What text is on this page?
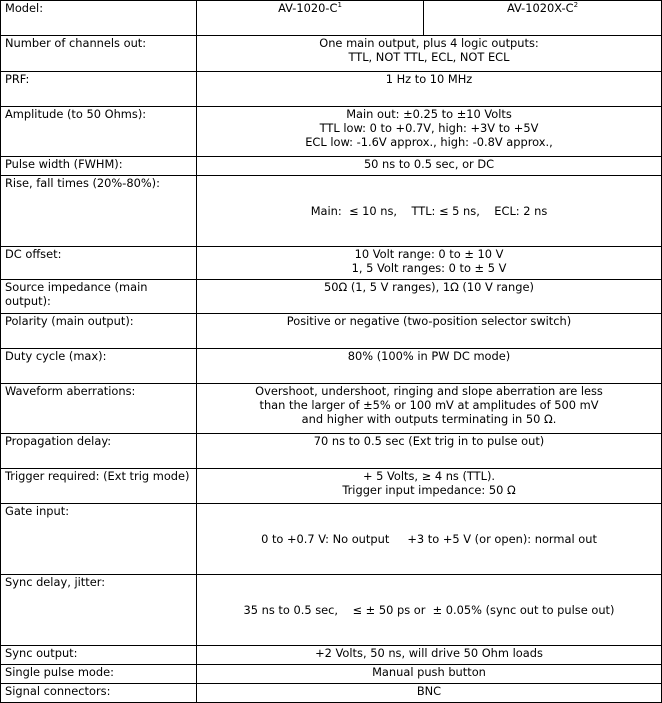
Model:	$AV-1020-C^1$	$AV-1020X-C^2$
Number of channels out:	One main output, plus 4 logic outputs:
TTL, NOT TTL, ECL, NOT ECL	

PRF:	1 Hz to 10 MHz	

Amplitude (to 50 Ohms):	Main out: ±0.25 to ±10 Volts
TTL low: 0 to +0.7V, high: +3V to +5V
ECL low: -1.6V approx., high: -0.8V approx.,	

Pulse width (FWHM):	50 ns to 0.5 sec, or DC	

Rise, fall times (20%-80%):	Main:  ≤ 10 ns,    TTL: ≤ 5 ns,    ECL: 2 ns	

DC offset:	10 Volt range: 0 to ± 10 V
1, 5 Volt ranges: 0 to ± 5 V	

Source impedance (main output):	50Ω (1, 5 V ranges), 1Ω (10 V range)	

Polarity (main output):	Positive or negative (two-position selector switch)	

Duty cycle (max):	80% (100% in PW DC mode)	

Waveform aberrations:	Overshoot, undershoot, ringing and slope aberration are less
than the larger of ±5% or 100 mV at amplitudes of 500 mV
and higher with outputs terminating in 50 Ω.	

Propagation delay:	70 ns to 0.5 sec (Ext trig in to pulse out)	

Trigger required: (Ext trig mode)	+ 5 Volts, ≥ 4 ns (TTL).
Trigger input impedance: 50 Ω	

Gate input:	0 to +0.7 V: No output     +3 to +5 V (or open): normal out	

Sync delay, jitter:	35 ns to 0.5 sec,    ≤ ± 50 ps or  ± 0.05% (sync out to pulse out)	

Sync output:	+2 Volts, 50 ns, will drive 50 Ohm loads	

Single pulse mode:	Manual push button	

Signal connectors:	BNC	
